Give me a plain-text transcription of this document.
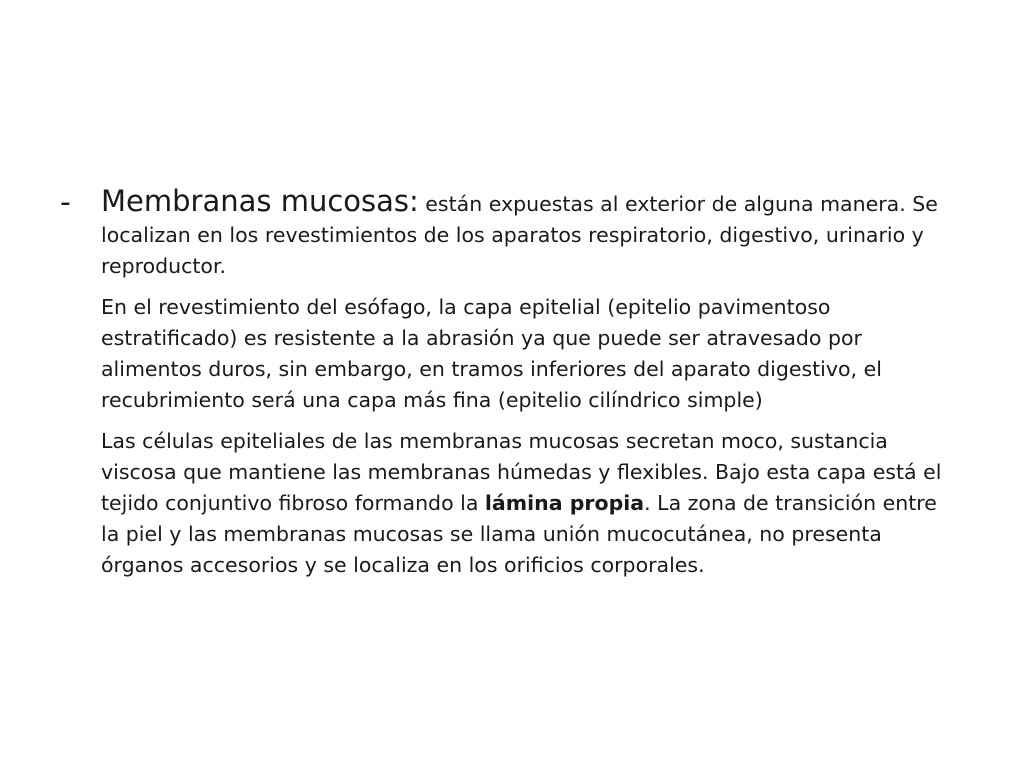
-	Membranas mucosas: están expuestas al exterior de alguna manera. Se localizan en los revestimientos de los aparatos respiratorio, digestivo, urinario y reproductor.

En el revestimiento del esófago, la capa epitelial (epitelio pavimentoso estratificado) es resistente a la abrasión ya que puede ser atravesado por alimentos duros, sin embargo, en tramos inferiores del aparato digestivo, el recubrimiento será una capa más fina (epitelio cilíndrico simple)

Las células epiteliales de las membranas mucosas secretan moco, sustancia viscosa que mantiene las membranas húmedas y flexibles. Bajo esta capa está el tejido conjuntivo fibroso formando la lámina propia. La zona de transición entre la piel y las membranas mucosas se llama unión mucocutánea, no presenta órganos accesorios y se localiza en los orificios corporales.
